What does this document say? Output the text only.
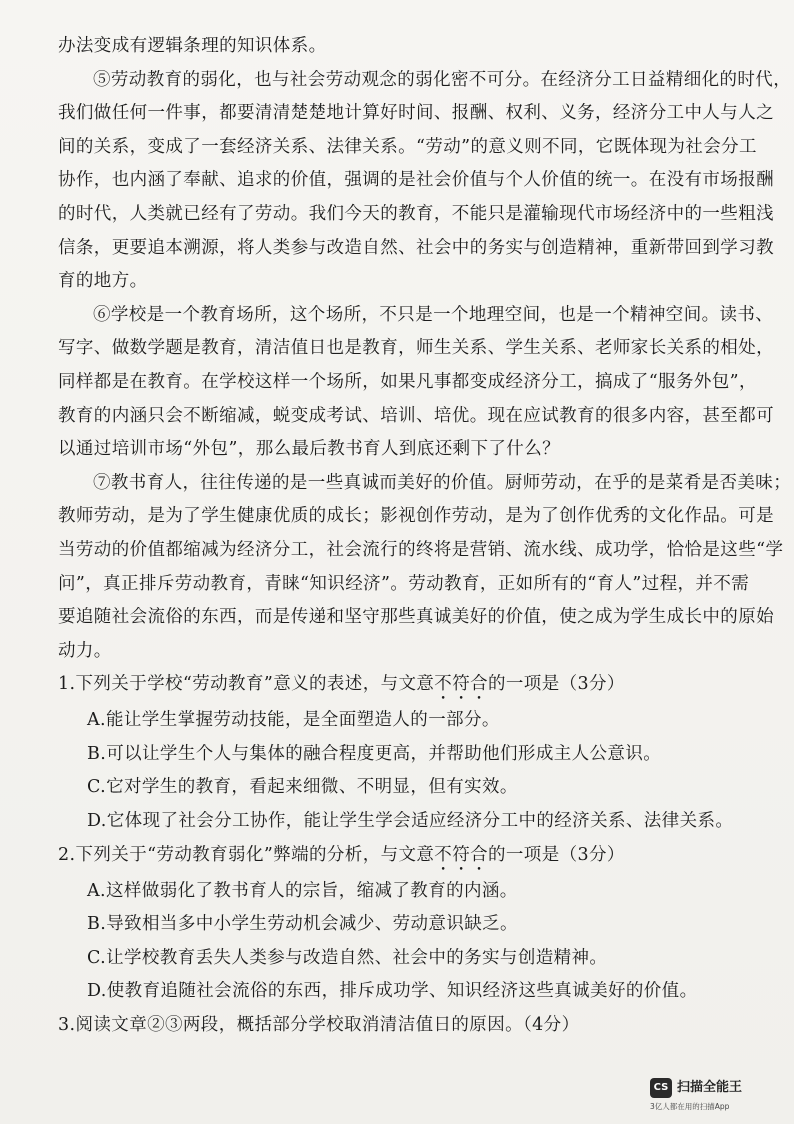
办法变成有逻辑条理的知识体系。

⑤劳动教育的弱化，也与社会劳动观念的弱化密不可分。在经济分工日益精细化的时代，

我们做任何一件事，都要清清楚楚地计算好时间、报酬、权利、义务，经济分工中人与人之

间的关系，变成了一套经济关系、法律关系。“劳动”的意义则不同，它既体现为社会分工

协作，也内涵了奉献、追求的价值，强调的是社会价值与个人价值的统一。在没有市场报酬

的时代，人类就已经有了劳动。我们今天的教育，不能只是灌输现代市场经济中的一些粗浅

信条，更要追本溯源，将人类参与改造自然、社会中的务实与创造精神，重新带回到学习教

育的地方。

⑥学校是一个教育场所，这个场所，不只是一个地理空间，也是一个精神空间。读书、

写字、做数学题是教育，清洁值日也是教育，师生关系、学生关系、老师家长关系的相处，

同样都是在教育。在学校这样一个场所，如果凡事都变成经济分工，搞成了“服务外包”，

教育的内涵只会不断缩减，蜕变成考试、培训、培优。现在应试教育的很多内容，甚至都可

以通过培训市场“外包”，那么最后教书育人到底还剩下了什么？

⑦教书育人，往往传递的是一些真诚而美好的价值。厨师劳动，在乎的是菜肴是否美味；

教师劳动，是为了学生健康优质的成长；影视创作劳动，是为了创作优秀的文化作品。可是

当劳动的价值都缩减为经济分工，社会流行的终将是营销、流水线、成功学，恰恰是这些“学

问”，真正排斥劳动教育，青睐“知识经济”。劳动教育，正如所有的“育人”过程，并不需

要追随社会流俗的东西，而是传递和坚守那些真诚美好的价值，使之成为学生成长中的原始

动力。

1.下列关于学校“劳动教育”意义的表述，与文意不符合的一项是（3分）

A.能让学生掌握劳动技能，是全面塑造人的一部分。

B.可以让学生个人与集体的融合程度更高，并帮助他们形成主人公意识。

C.它对学生的教育，看起来细微、不明显，但有实效。

D.它体现了社会分工协作，能让学生学会适应经济分工中的经济关系、法律关系。

2.下列关于“劳动教育弱化”弊端的分析，与文意不符合的一项是（3分）

A.这样做弱化了教书育人的宗旨，缩减了教育的内涵。

B.导致相当多中小学生劳动机会减少、劳动意识缺乏。

C.让学校教育丢失人类参与改造自然、社会中的务实与创造精神。

D.使教育追随社会流俗的东西，排斥成功学、知识经济这些真诚美好的价值。

3.阅读文章②③两段，概括部分学校取消清洁值日的原因。（4分）

CS 扫描全能王
3亿人都在用的扫描App
